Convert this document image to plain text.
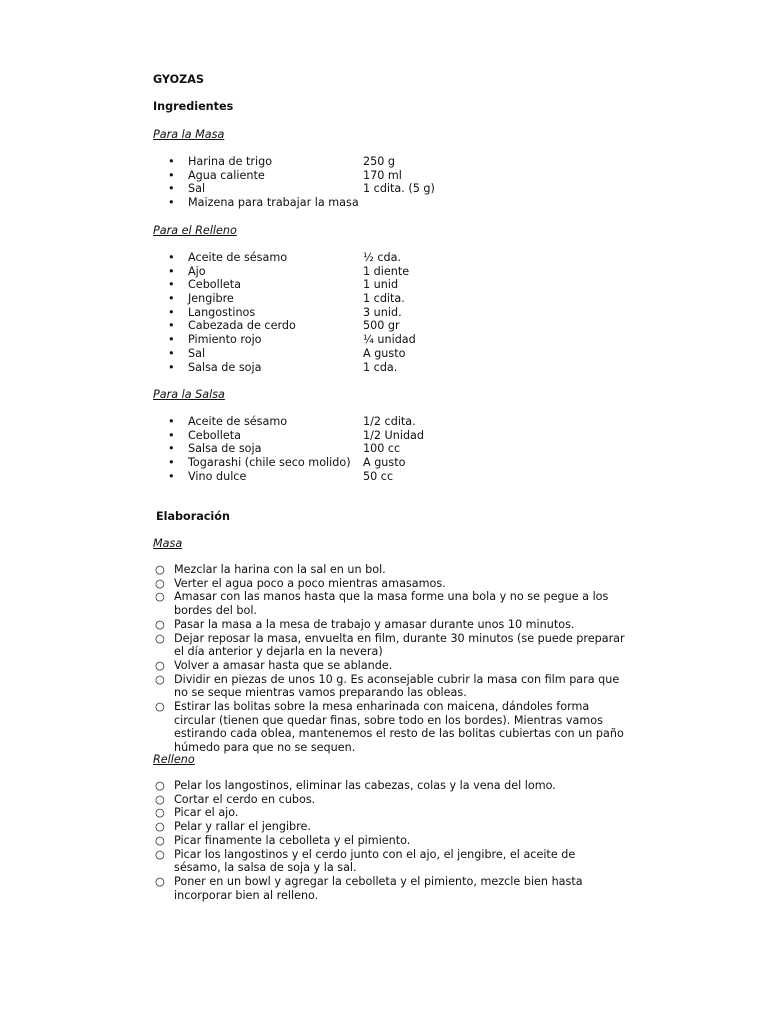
GYOZAS
Ingredientes
Para la Masa
• Harina de trigo	250 g
• Agua caliente	170 ml
• Sal	1 cdita. (5 g)
• Maizena para trabajar la masa
Para el Relleno
• Aceite de sésamo	½ cda.
• Ajo	1 diente
• Cebolleta	1 unid
• Jengibre	1 cdita.
• Langostinos	3 unid.
• Cabezada de cerdo	500 gr
• Pimiento rojo	¼ unidad
• Sal	A gusto
• Salsa de soja	1 cda.
Para la Salsa
• Aceite de sésamo	1/2 cdita.
• Cebolleta	1/2 Unidad
• Salsa de soja	100 cc
• Togarashi (chile seco molido) A gusto
• Vino dulce	50 cc
Elaboración
Masa
○ Mezclar la harina con la sal en un bol.
○ Verter el agua poco a poco mientras amasamos.
○ Amasar con las manos hasta que la masa forme una bola y no se pegue a los bordes del bol.
○ Pasar la masa a la mesa de trabajo y amasar durante unos 10 minutos.
○ Dejar reposar la masa, envuelta en film, durante 30 minutos (se puede preparar el día anterior y dejarla en la nevera)
○ Volver a amasar hasta que se ablande.
○ Dividir en piezas de unos 10 g. Es aconsejable cubrir la masa con film para que no se seque mientras vamos preparando las obleas.
○ Estirar las bolitas sobre la mesa enharinada con maicena, dándoles forma circular (tienen que quedar finas, sobre todo en los bordes). Mientras vamos estirando cada oblea, mantenemos el resto de las bolitas cubiertas con un paño húmedo para que no se sequen.
Relleno
○ Pelar los langostinos, eliminar las cabezas, colas y la vena del lomo.
○ Cortar el cerdo en cubos.
○ Picar el ajo.
○ Pelar y rallar el jengibre.
○ Picar finamente la cebolleta y el pimiento.
○ Picar los langostinos y el cerdo junto con el ajo, el jengibre, el aceite de sésamo, la salsa de soja y la sal.
○ Poner en un bowl y agregar la cebolleta y el pimiento, mezcle bien hasta incorporar bien al relleno.
